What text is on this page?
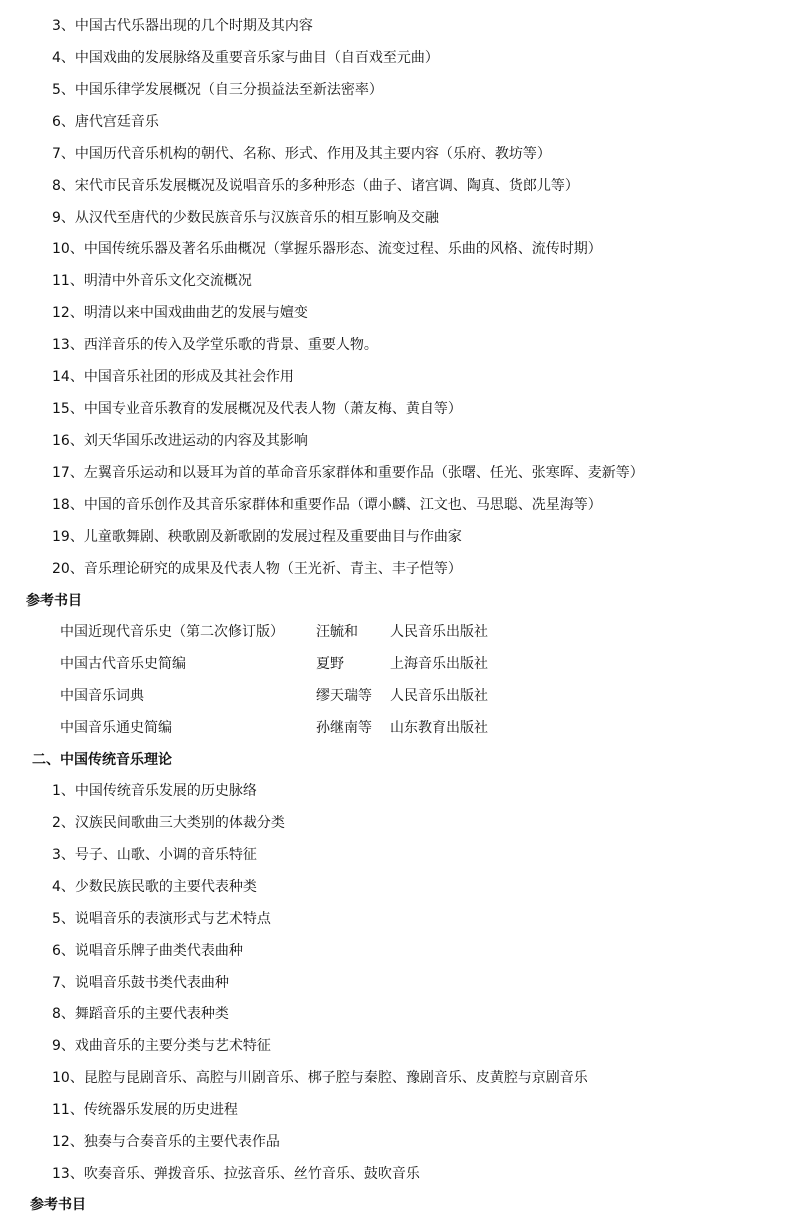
3、中国古代乐器出现的几个时期及其内容
4、中国戏曲的发展脉络及重要音乐家与曲目（自百戏至元曲）
5、中国乐律学发展概况（自三分损益法至新法密率）
6、唐代宫廷音乐
7、中国历代音乐机构的朝代、名称、形式、作用及其主要内容（乐府、教坊等）
8、宋代市民音乐发展概况及说唱音乐的多种形态（曲子、诸宫调、陶真、货郎儿等）
9、从汉代至唐代的少数民族音乐与汉族音乐的相互影响及交融
10、中国传统乐器及著名乐曲概况（掌握乐器形态、流变过程、乐曲的风格、流传时期）
11、明清中外音乐文化交流概况
12、明清以来中国戏曲曲艺的发展与嬗变
13、西洋音乐的传入及学堂乐歌的背景、重要人物。
14、中国音乐社团的形成及其社会作用
15、中国专业音乐教育的发展概况及代表人物（萧友梅、黄自等）
16、刘天华国乐改进运动的内容及其影响
17、左翼音乐运动和以聂耳为首的革命音乐家群体和重要作品（张曙、任光、张寒晖、麦新等）
18、中国的音乐创作及其音乐家群体和重要作品（谭小麟、江文也、马思聪、冼星海等）
19、儿童歌舞剧、秧歌剧及新歌剧的发展过程及重要曲目与作曲家
20、音乐理论研究的成果及代表人物（王光祈、青主、丰子恺等）
参考书目
中国近现代音乐史（第二次修订版） 汪毓和 人民音乐出版社
中国古代音乐史简编	夏野	上海音乐出版社
中国音乐词典	缪天瑞等 人民音乐出版社
中国音乐通史简编	孙继南等 山东教育出版社
二、中国传统音乐理论
1、中国传统音乐发展的历史脉络
2、汉族民间歌曲三大类别的体裁分类
3、号子、山歌、小调的音乐特征
4、少数民族民歌的主要代表种类
5、说唱音乐的表演形式与艺术特点
6、说唱音乐牌子曲类代表曲种
7、说唱音乐鼓书类代表曲种
8、舞蹈音乐的主要代表种类
9、戏曲音乐的主要分类与艺术特征
10、昆腔与昆剧音乐、高腔与川剧音乐、梆子腔与秦腔、豫剧音乐、皮黄腔与京剧音乐
11、传统器乐发展的历史进程
12、独奏与合奏音乐的主要代表作品
13、吹奏音乐、弹拨音乐、拉弦音乐、丝竹音乐、鼓吹音乐
参考书目
